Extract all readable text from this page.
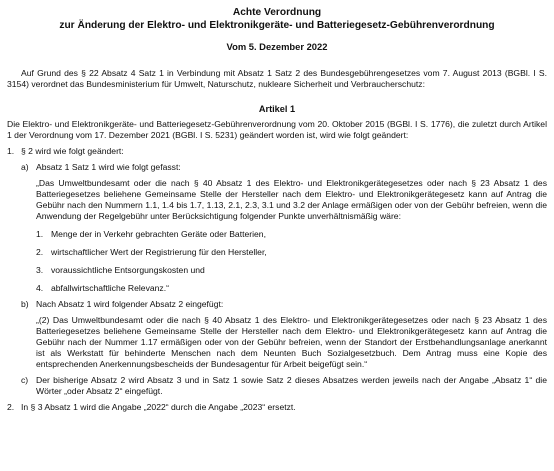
Achte Verordnung
zur Änderung der Elektro- und Elektronikgeräte- und Batteriegesetz-Gebührenverordnung
Vom 5. Dezember 2022
Auf Grund des § 22 Absatz 4 Satz 1 in Verbindung mit Absatz 1 Satz 2 des Bundesgebührengesetzes vom 7. August 2013 (BGBl. I S. 3154) verordnet das Bundesministerium für Umwelt, Naturschutz, nukleare Sicherheit und Verbraucherschutz:
Artikel 1
Die Elektro- und Elektronikgeräte- und Batteriegesetz-Gebührenverordnung vom 20. Oktober 2015 (BGBl. I S. 1776), die zuletzt durch Artikel 1 der Verordnung vom 17. Dezember 2021 (BGBl. I S. 5231) geändert worden ist, wird wie folgt geändert:
1. § 2 wird wie folgt geändert:
a) Absatz 1 Satz 1 wird wie folgt gefasst:
„Das Umweltbundesamt oder die nach § 40 Absatz 1 des Elektro- und Elektronikgerätegesetzes oder nach § 23 Absatz 1 des Batteriegesetzes beliehene Gemeinsame Stelle der Hersteller nach dem Elektro- und Elektronikgerätegesetz kann auf Antrag die Gebühr nach den Nummern 1.1, 1.4 bis 1.7, 1.13, 2.1, 2.3, 3.1 und 3.2 der Anlage ermäßigen oder von der Gebühr befreien, wenn die Anwendung der Regelgebühr unter Berücksichtigung folgender Punkte unverhältnismäßig wäre:
1. Menge der in Verkehr gebrachten Geräte oder Batterien,
2. wirtschaftlicher Wert der Registrierung für den Hersteller,
3. voraussichtliche Entsorgungskosten und
4. abfallwirtschaftliche Relevanz.“
b) Nach Absatz 1 wird folgender Absatz 2 eingefügt:
„(2) Das Umweltbundesamt oder die nach § 40 Absatz 1 des Elektro- und Elektronikgerätegesetzes oder nach § 23 Absatz 1 des Batteriegesetzes beliehene Gemeinsame Stelle der Hersteller nach dem Elektro- und Elektronikgerätegesetz kann auf Antrag die Gebühr nach der Nummer 1.17 ermäßigen oder von der Gebühr befreien, wenn der Standort der Erstbehandlungsanlage anerkannt ist als Werkstatt für behinderte Menschen nach dem Neunten Buch Sozialgesetzbuch. Dem Antrag muss eine Kopie des entsprechenden Anerkennungsbescheids der Bundesagentur für Arbeit beigefügt sein.“
c) Der bisherige Absatz 2 wird Absatz 3 und in Satz 1 sowie Satz 2 dieses Absatzes werden jeweils nach der Angabe „Absatz 1“ die Wörter „oder Absatz 2“ eingefügt.
2. In § 3 Absatz 1 wird die Angabe „2022“ durch die Angabe „2023“ ersetzt.
